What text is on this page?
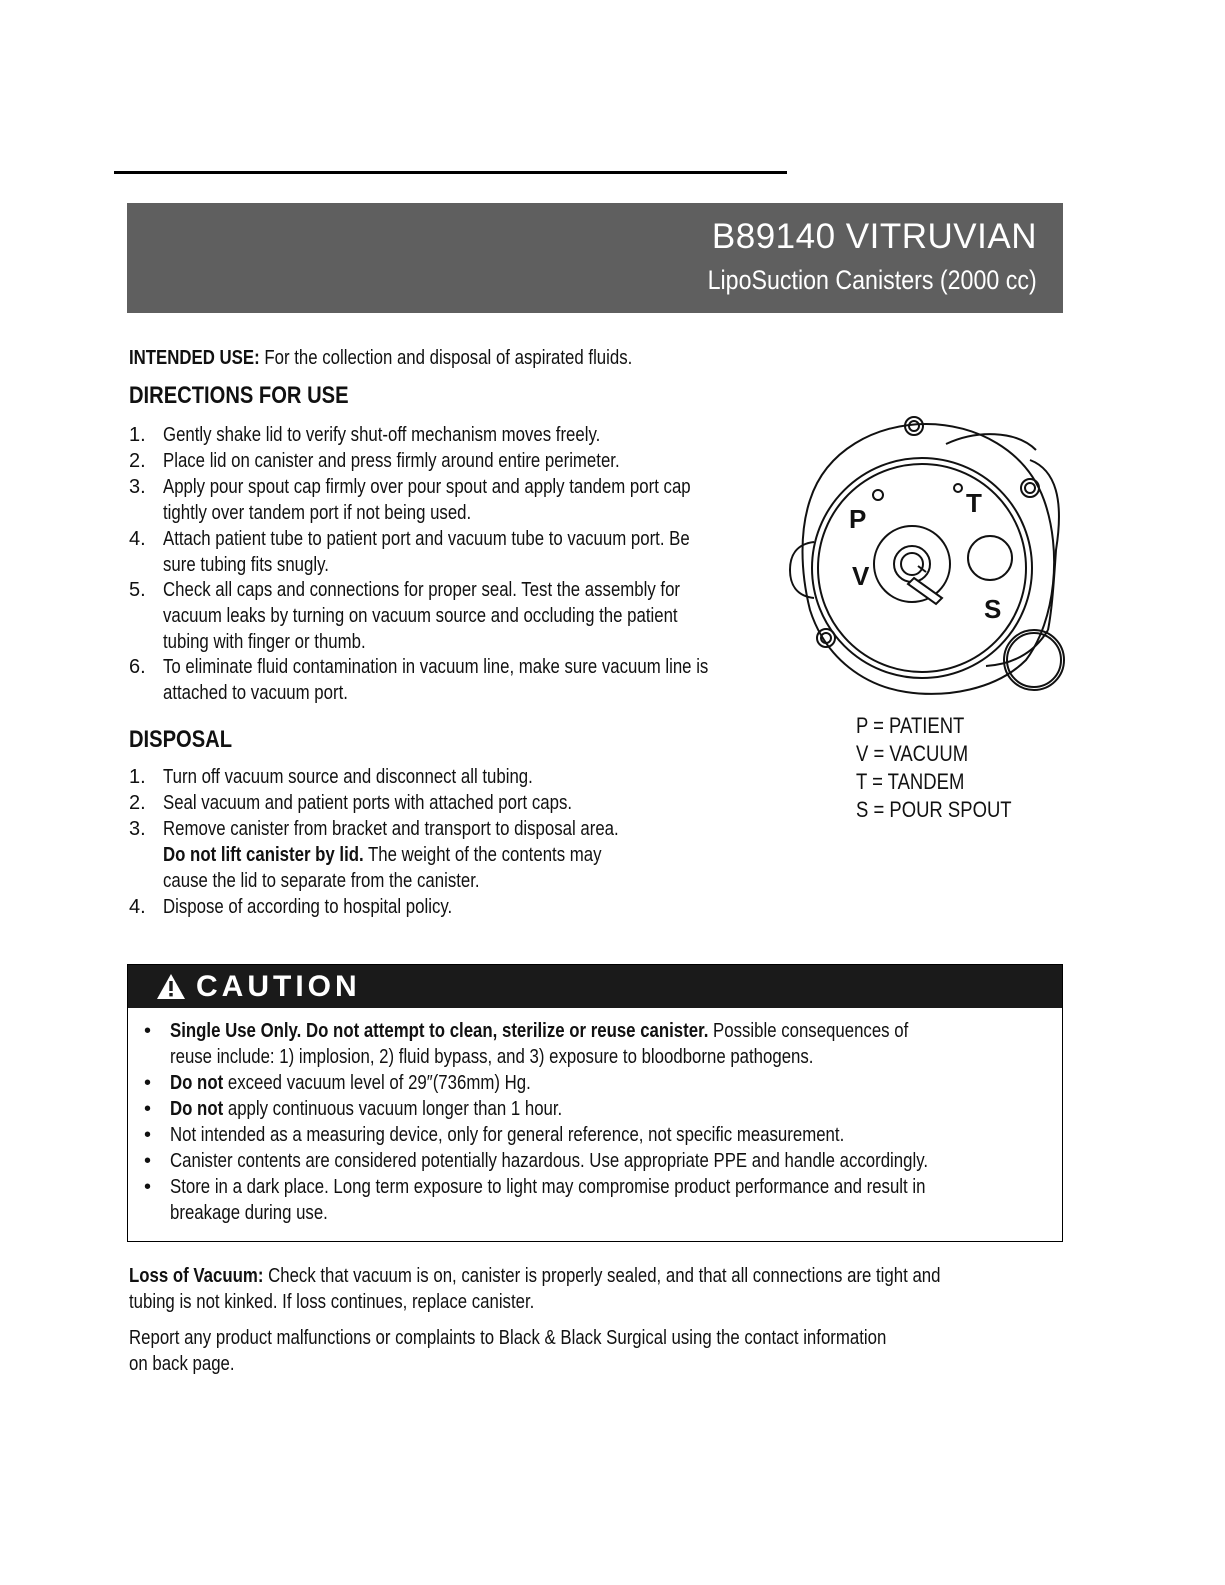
B89140 VITRUVIAN
LipoSuction Canisters (2000 cc)
INTENDED USE: For the collection and disposal of aspirated fluids.
DIRECTIONS FOR USE
1. Gently shake lid to verify shut-off mechanism moves freely.
2. Place lid on canister and press firmly around entire perimeter.
3. Apply pour spout cap firmly over pour spout and apply tandem port cap
tightly over tandem port if not being used.
4. Attach patient tube to patient port and vacuum tube to vacuum port. Be
sure tubing fits snugly.
5. Check all caps and connections for proper seal. Test the assembly for
vacuum leaks by turning on vacuum source and occluding the patient
tubing with finger or thumb.
6. To eliminate fluid contamination in vacuum line, make sure vacuum line is
attached to vacuum port.
DISPOSAL
1. Turn off vacuum source and disconnect all tubing.
2. Seal vacuum and patient ports with attached port caps.
3. Remove canister from bracket and transport to disposal area.
Do not lift canister by lid. The weight of the contents may
cause the lid to separate from the canister.
4. Dispose of according to hospital policy.
P
V
T
S
P = PATIENT
V = VACUUM
T = TANDEM
S = POUR SPOUT
CAUTION
• Single Use Only. Do not attempt to clean, sterilize or reuse canister. Possible consequences of
reuse include: 1) implosion, 2) fluid bypass, and 3) exposure to bloodborne pathogens.
• Do not exceed vacuum level of 29″(736mm) Hg.
• Do not apply continuous vacuum longer than 1 hour.
• Not intended as a measuring device, only for general reference, not specific measurement.
• Canister contents are considered potentially hazardous. Use appropriate PPE and handle accordingly.
• Store in a dark place. Long term exposure to light may compromise product performance and result in
breakage during use.
Loss of Vacuum: Check that vacuum is on, canister is properly sealed, and that all connections are tight and
tubing is not kinked. If loss continues, replace canister.
Report any product malfunctions or complaints to Black & Black Surgical using the contact information
on back page.
